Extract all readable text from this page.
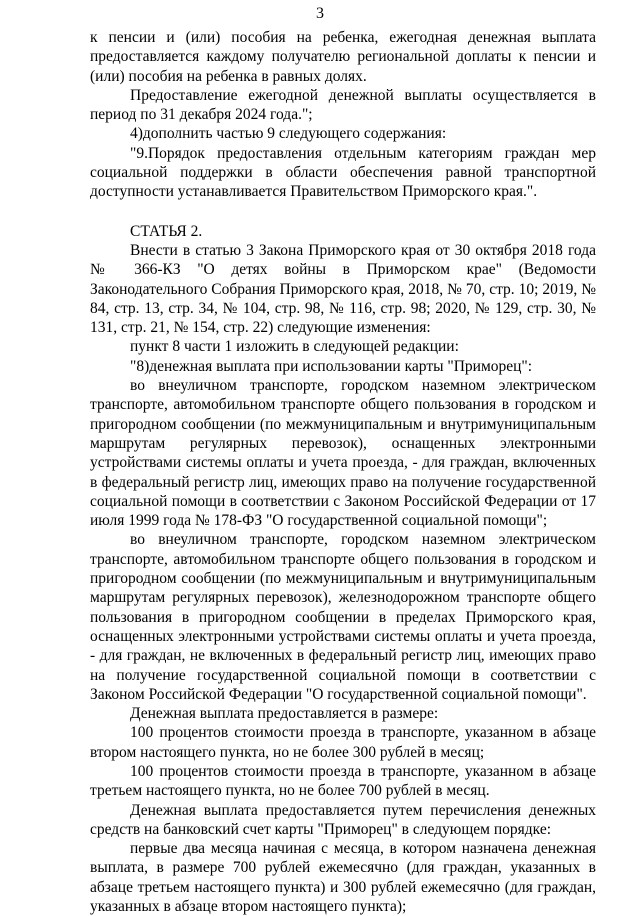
3

к пенсии и (или) пособия на ребенка, ежегодная денежная выплата предоставляется каждому получателю региональной доплаты к пенсии и (или) пособия на ребенка в равных долях.

Предоставление ежегодной денежной выплаты осуществляется в период по 31 декабря 2024 года.";

4)дополнить частью 9 следующего содержания:

"9.Порядок предоставления отдельным категориям граждан мер социальной поддержки в области обеспечения равной транспортной доступности устанавливается Правительством Приморского края.".

СТАТЬЯ 2.

Внести в статью 3 Закона Приморского края от 30 октября 2018 года № 366-КЗ "О детях войны в Приморском крае" (Ведомости Законодательного Собрания Приморского края, 2018, № 70, стр. 10; 2019, № 84, стр. 13, стр. 34, № 104, стр. 98, № 116, стр. 98; 2020, № 129, стр. 30, № 131, стр. 21, № 154, стр. 22) следующие изменения:

пункт 8 части 1 изложить в следующей редакции:

"8)денежная выплата при использовании карты "Приморец":

во внеуличном транспорте, городском наземном электрическом транспорте, автомобильном транспорте общего пользования в городском и пригородном сообщении (по межмуниципальным и внутримуниципальным маршрутам регулярных перевозок), оснащенных электронными устройствами системы оплаты и учета проезда, - для граждан, включенных в федеральный регистр лиц, имеющих право на получение государственной социальной помощи в соответствии с Законом Российской Федерации от 17 июля 1999 года № 178-ФЗ "О государственной социальной помощи";

во внеуличном транспорте, городском наземном электрическом транспорте, автомобильном транспорте общего пользования в городском и пригородном сообщении (по межмуниципальным и внутримуниципальным маршрутам регулярных перевозок), железнодорожном транспорте общего пользования в пригородном сообщении в пределах Приморского края, оснащенных электронными устройствами системы оплаты и учета проезда, - для граждан, не включенных в федеральный регистр лиц, имеющих право на получение государственной социальной помощи в соответствии с Законом Российской Федерации "О государственной социальной помощи".

Денежная выплата предоставляется в размере:

100 процентов стоимости проезда в транспорте, указанном в абзаце втором настоящего пункта, но не более 300 рублей в месяц;

100 процентов стоимости проезда в транспорте, указанном в абзаце третьем настоящего пункта, но не более 700 рублей в месяц.

Денежная выплата предоставляется путем перечисления денежных средств на банковский счет карты "Приморец" в следующем порядке:

первые два месяца начиная с месяца, в котором назначена денежная выплата, в размере 700 рублей ежемесячно (для граждан, указанных в абзаце третьем настоящего пункта) и 300 рублей ежемесячно (для граждан, указанных в абзаце втором настоящего пункта);
